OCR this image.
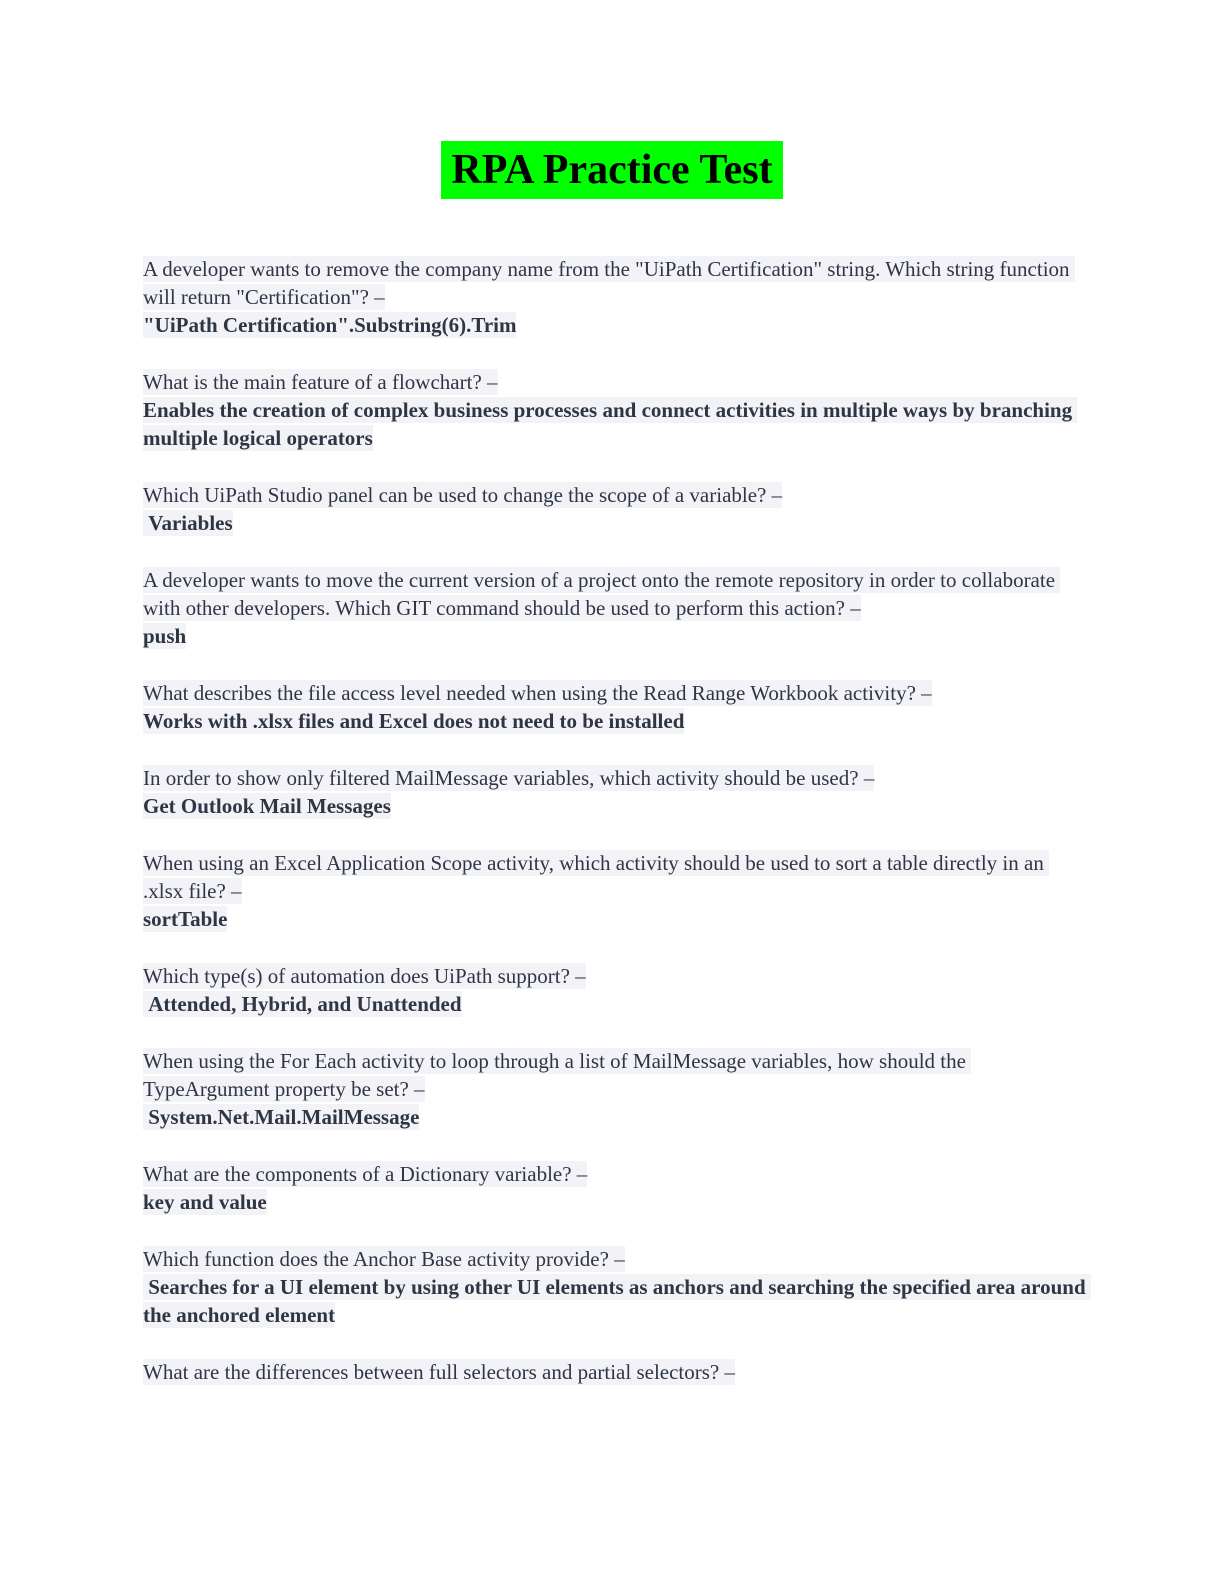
RPA Practice Test
A developer wants to remove the company name from the "UiPath Certification" string. Which string function will return "Certification"? –
"UiPath Certification".Substring(6).Trim
What is the main feature of a flowchart? –
Enables the creation of complex business processes and connect activities in multiple ways by branching multiple logical operators
Which UiPath Studio panel can be used to change the scope of a variable? –
Variables
A developer wants to move the current version of a project onto the remote repository in order to collaborate with other developers. Which GIT command should be used to perform this action? –
push
What describes the file access level needed when using the Read Range Workbook activity? –
Works with .xlsx files and Excel does not need to be installed
In order to show only filtered MailMessage variables, which activity should be used? –
Get Outlook Mail Messages
When using an Excel Application Scope activity, which activity should be used to sort a table directly in an .xlsx file? –
sortTable
Which type(s) of automation does UiPath support? –
Attended, Hybrid, and Unattended
When using the For Each activity to loop through a list of MailMessage variables, how should the TypeArgument property be set? –
System.Net.Mail.MailMessage
What are the components of a Dictionary variable? –
key and value
Which function does the Anchor Base activity provide? –
Searches for a UI element by using other UI elements as anchors and searching the specified area around the anchored element
What are the differences between full selectors and partial selectors? –
